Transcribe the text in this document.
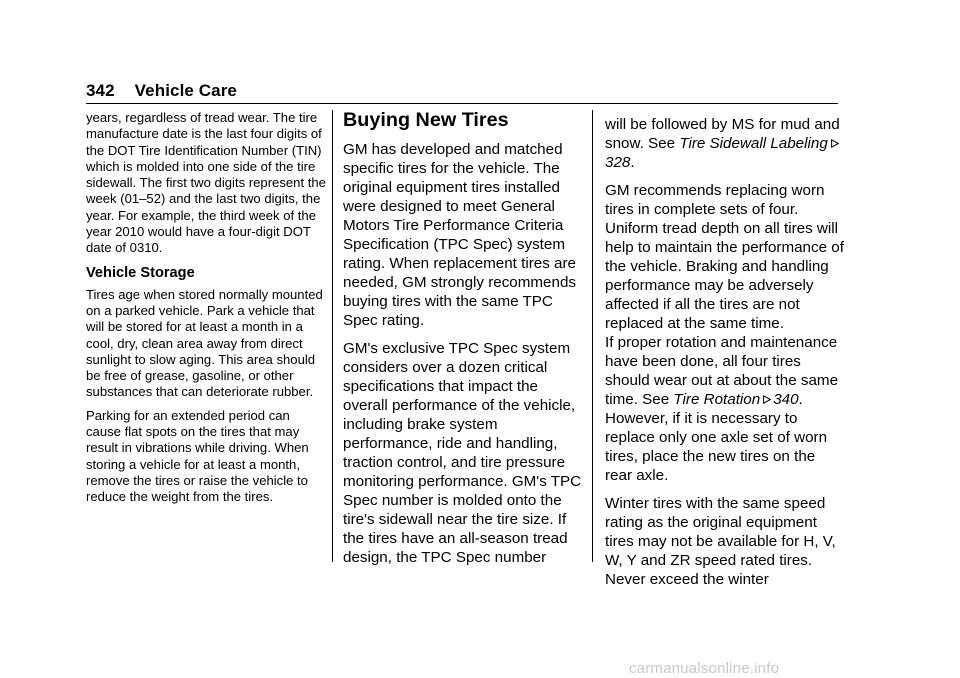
342 Vehicle Care

years, regardless of tread wear. The tire manufacture date is the last four digits of the DOT Tire Identification Number (TIN) which is molded into one side of the tire sidewall. The first two digits represent the week (01–52) and the last two digits, the year. For example, the third week of the year 2010 would have a four-digit DOT date of 0310.

Vehicle Storage

Tires age when stored normally mounted on a parked vehicle. Park a vehicle that will be stored for at least a month in a cool, dry, clean area away from direct sunlight to slow aging. This area should be free of grease, gasoline, or other substances that can deteriorate rubber.

Parking for an extended period can cause flat spots on the tires that may result in vibrations while driving. When storing a vehicle for at least a month, remove the tires or raise the vehicle to reduce the weight from the tires.

Buying New Tires

GM has developed and matched specific tires for the vehicle. The original equipment tires installed were designed to meet General Motors Tire Performance Criteria Specification (TPC Spec) system rating. When replacement tires are needed, GM strongly recommends buying tires with the same TPC Spec rating.

GM's exclusive TPC Spec system considers over a dozen critical specifications that impact the overall performance of the vehicle, including brake system performance, ride and handling, traction control, and tire pressure monitoring performance. GM's TPC Spec number is molded onto the tire's sidewall near the tire size. If the tires have an all-season tread design, the TPC Spec number

will be followed by MS for mud and snow. See Tire Sidewall Labeling
328.

GM recommends replacing worn tires in complete sets of four. Uniform tread depth on all tires will help to maintain the performance of the vehicle. Braking and handling performance may be adversely affected if all the tires are not replaced at the same time.

If proper rotation and maintenance have been done, all four tires should wear out at about the same time. See Tire Rotation 340. However, if it is necessary to replace only one axle set of worn tires, place the new tires on the rear axle.

Winter tires with the same speed rating as the original equipment tires may not be available for H, V, W, Y and ZR speed rated tires. Never exceed the winter

carmanualsonline.info
